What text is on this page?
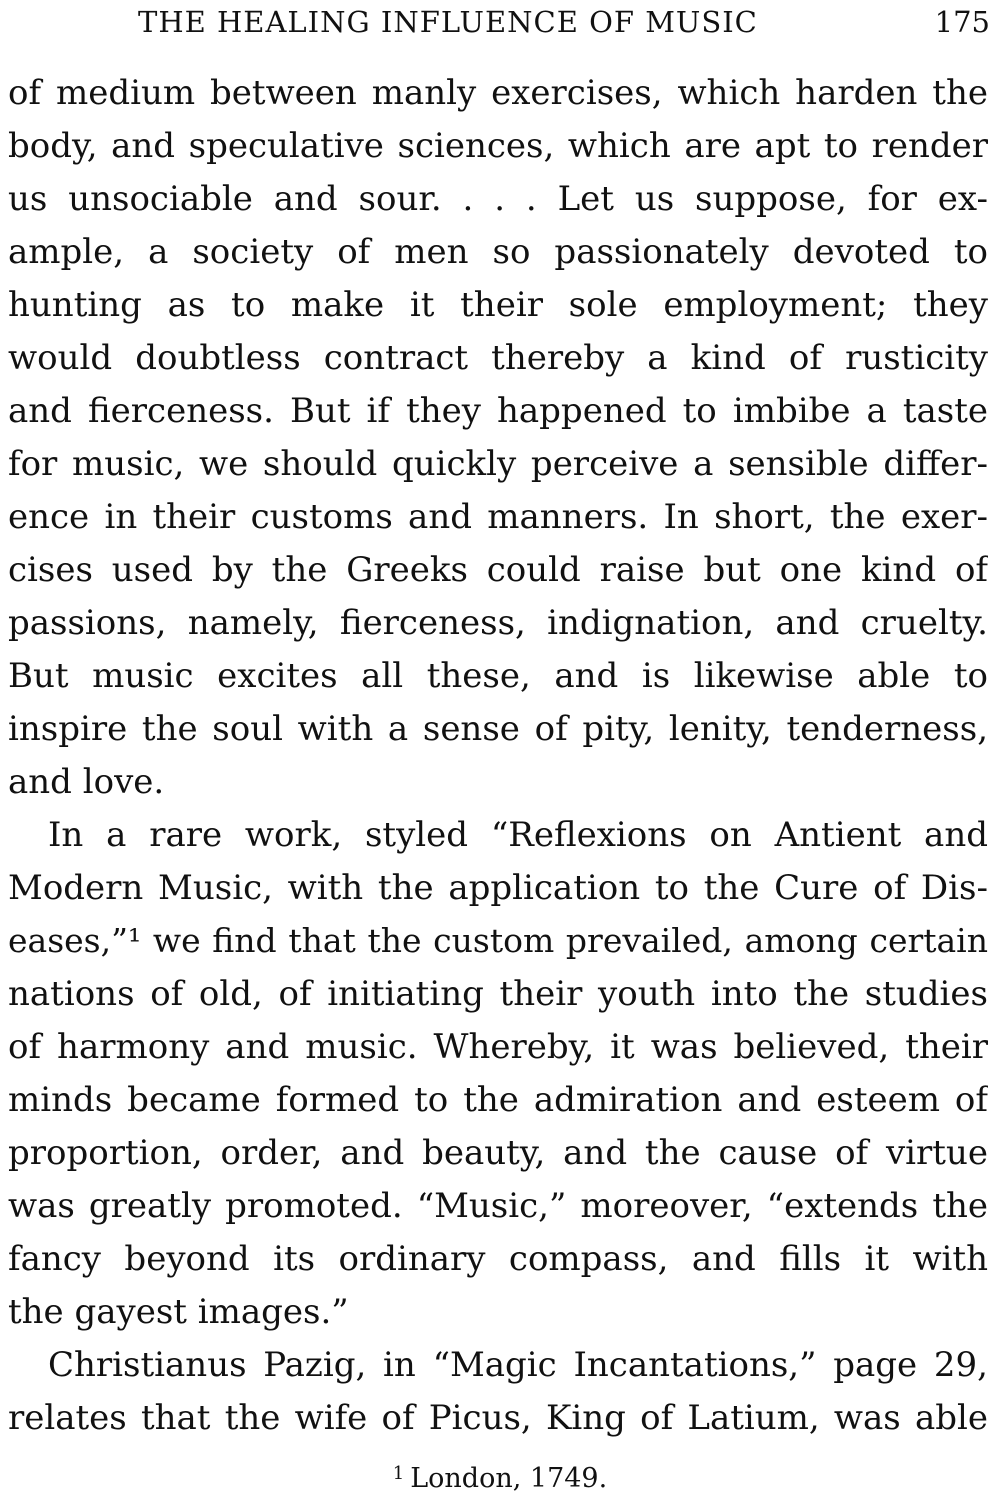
THE HEALING INFLUENCE OF MUSIC	175
of medium between manly exercises, which harden the
body, and speculative sciences, which are apt to render
us unsociable and sour. . . . Let us suppose, for ex-
ample, a society of men so passionately devoted to
hunting as to make it their sole employment; they
would doubtless contract thereby a kind of rusticity
and fierceness. But if they happened to imbibe a taste
for music, we should quickly perceive a sensible differ-
ence in their customs and manners. In short, the exer-
cises used by the Greeks could raise but one kind of
passions, namely, fierceness, indignation, and cruelty.
But music excites all these, and is likewise able to
inspire the soul with a sense of pity, lenity, tenderness,
and love.
In a rare work, styled “Reflexions on Antient and
Modern Music, with the application to the Cure of Dis-
eases,”¹ we find that the custom prevailed, among certain
nations of old, of initiating their youth into the studies
of harmony and music. Whereby, it was believed, their
minds became formed to the admiration and esteem of
proportion, order, and beauty, and the cause of virtue
was greatly promoted. “Music,” moreover, “extends the
fancy beyond its ordinary compass, and fills it with
the gayest images.”
Christianus Pazig, in “Magic Incantations,” page 29,
relates that the wife of Picus, King of Latium, was able
$^1$ London, 1749.
